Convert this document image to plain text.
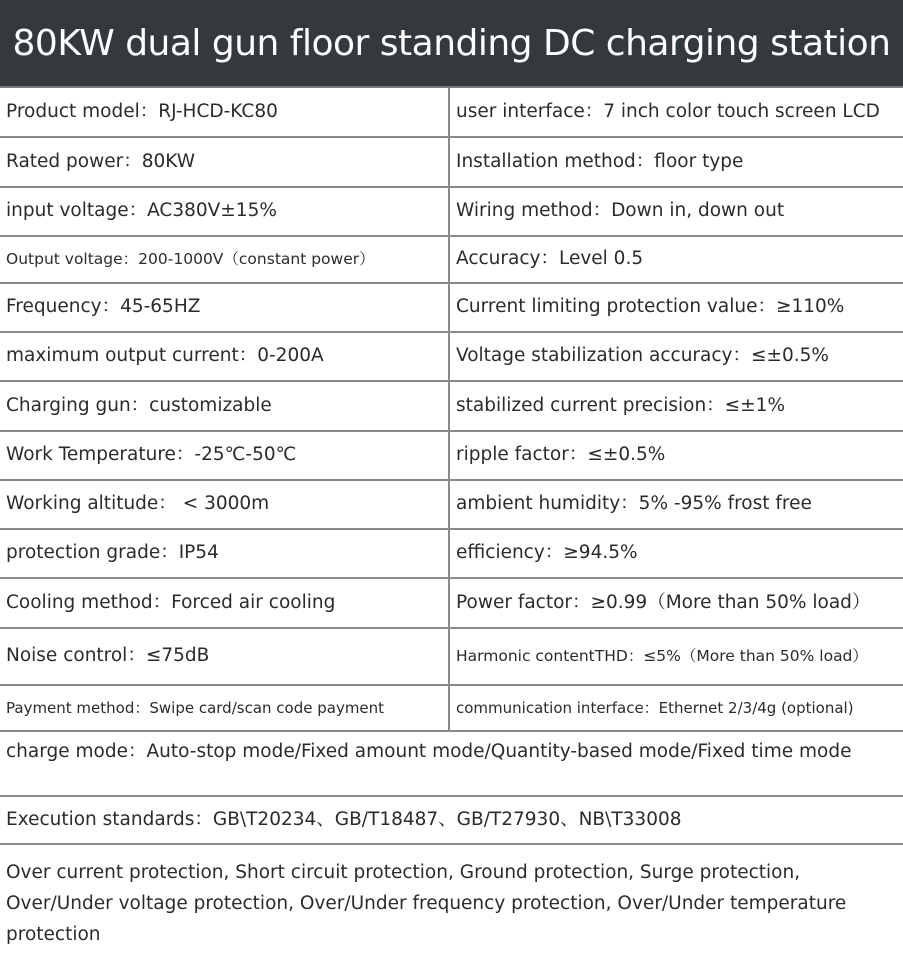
80KW dual gun floor standing DC charging station
Product model：RJ-HCD-KC80	user interface：7 inch color touch screen LCD
Rated power：80KW	Installation method：floor type
input voltage：AC380V±15%	Wiring method：Down in, down out
Output voltage：200-1000V（constant power）	Accuracy：Level 0.5
Frequency：45-65HZ	Current limiting protection value：≥110%
maximum output current：0-200A	Voltage stabilization accuracy：≤±0.5%
Charging gun：customizable	stabilized current precision：≤±1%
Work Temperature：-25℃-50℃	ripple factor：≤±0.5%
Working altitude： < 3000m	ambient humidity：5% -95% frost free
protection grade：IP54	efficiency：≥94.5%
Cooling method：Forced air cooling	Power factor：≥0.99（More than 50% load）
Noise control：≤75dB	Harmonic contentTHD：≤5%（More than 50% load）
Payment method：Swipe card/scan code payment	communication interface：Ethernet 2/3/4g (optional)
charge mode：Auto-stop mode/Fixed amount mode/Quantity-based mode/Fixed time mode
Execution standards：GB\T20234、GB/T18487、GB/T27930、NB\T33008
Over current protection, Short circuit protection, Ground protection, Surge protection, Over/Under voltage protection, Over/Under frequency protection, Over/Under temperature protection
